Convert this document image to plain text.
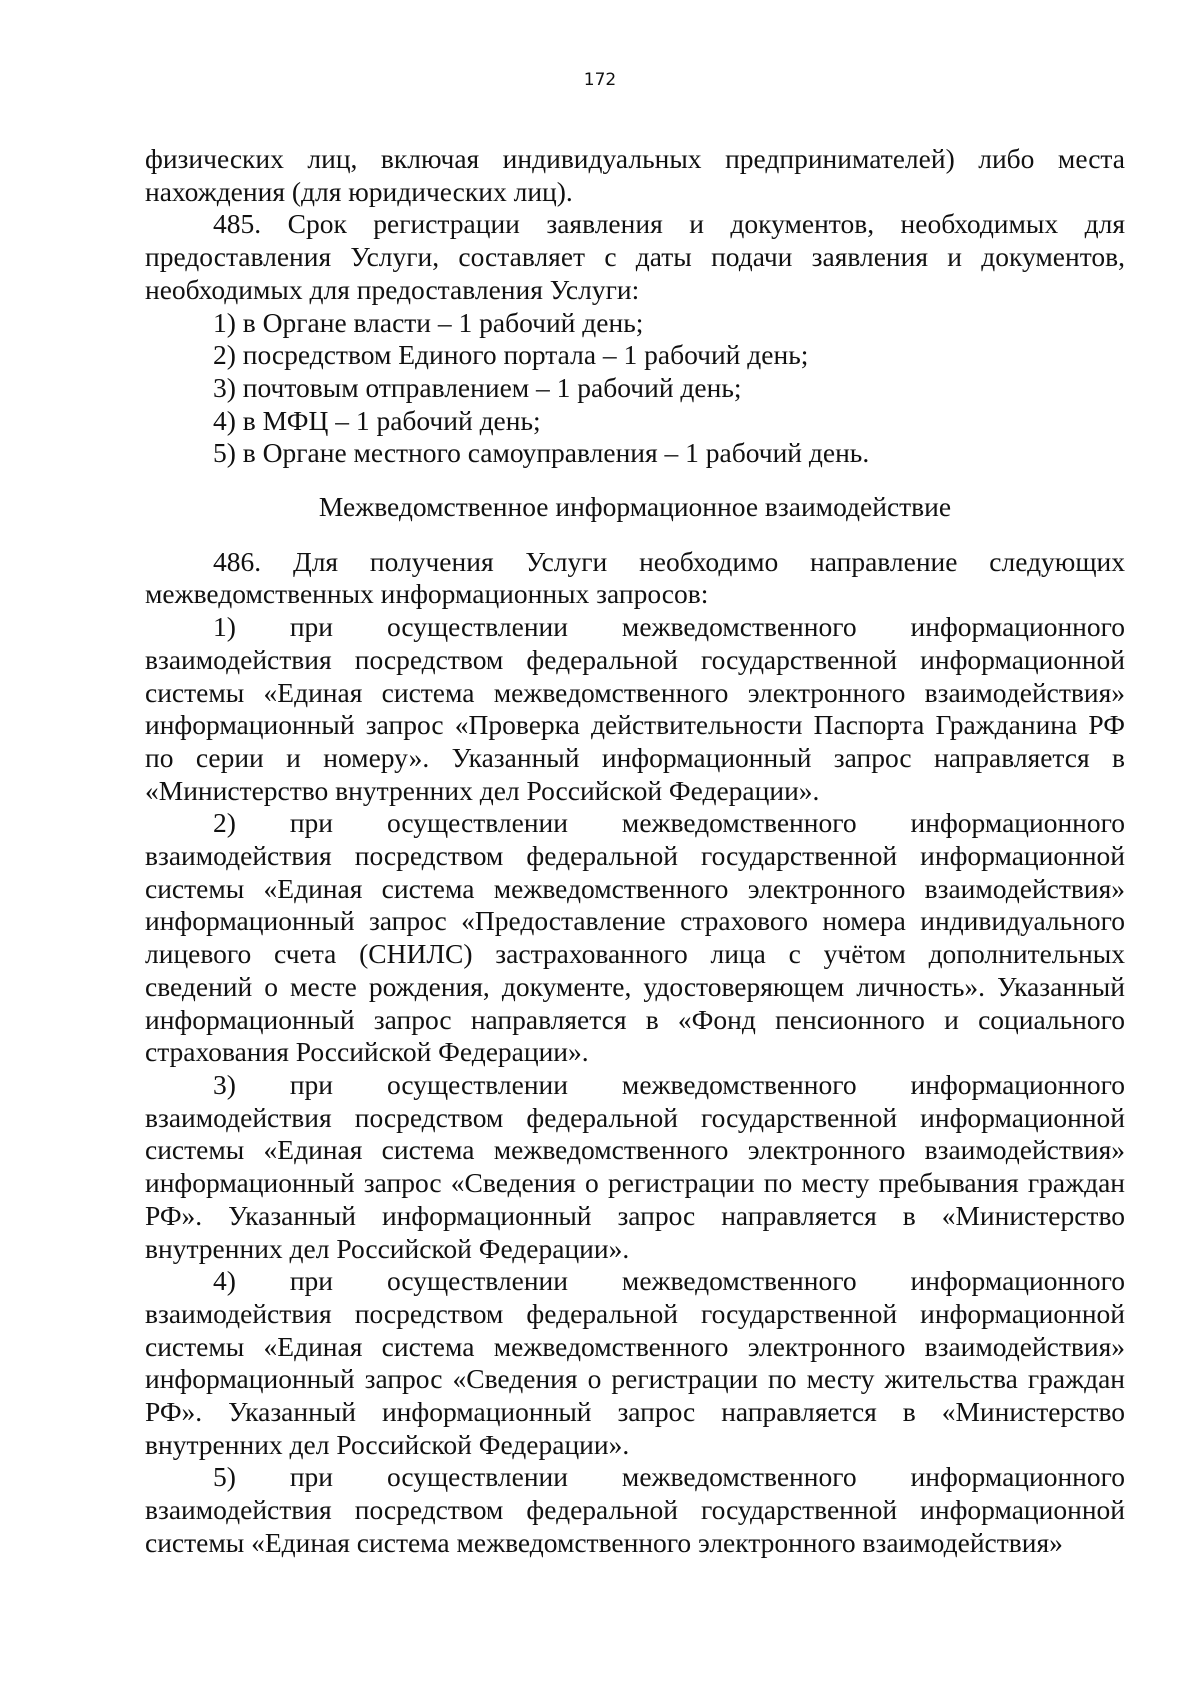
172

физических лиц, включая индивидуальных предпринимателей) либо места нахождения (для юридических лиц).

485. Срок регистрации заявления и документов, необходимых для предоставления Услуги, составляет с даты подачи заявления и документов, необходимых для предоставления Услуги:

1) в Органе власти – 1 рабочий день;

2) посредством Единого портала – 1 рабочий день;

3) почтовым отправлением – 1 рабочий день;

4) в МФЦ – 1 рабочий день;

5) в Органе местного самоуправления – 1 рабочий день.

Межведомственное информационное взаимодействие

486. Для получения Услуги необходимо направление следующих межведомственных информационных запросов:

1) при осуществлении межведомственного информационного взаимодействия посредством федеральной государственной информационной системы «Единая система межведомственного электронного взаимодействия» информационный запрос «Проверка действительности Паспорта Гражданина РФ по серии и номеру». Указанный информационный запрос направляется в «Министерство внутренних дел Российской Федерации».

2) при осуществлении межведомственного информационного взаимодействия посредством федеральной государственной информационной системы «Единая система межведомственного электронного взаимодействия» информационный запрос «Предоставление страхового номера индивидуального лицевого счета (СНИЛС) застрахованного лица с учётом дополнительных сведений о месте рождения, документе, удостоверяющем личность». Указанный информационный запрос направляется в «Фонд пенсионного и социального страхования Российской Федерации».

3) при осуществлении межведомственного информационного взаимодействия посредством федеральной государственной информационной системы «Единая система межведомственного электронного взаимодействия» информационный запрос «Сведения о регистрации по месту пребывания граждан РФ». Указанный информационный запрос направляется в «Министерство внутренних дел Российской Федерации».

4) при осуществлении межведомственного информационного взаимодействия посредством федеральной государственной информационной системы «Единая система межведомственного электронного взаимодействия» информационный запрос «Сведения о регистрации по месту жительства граждан РФ». Указанный информационный запрос направляется в «Министерство внутренних дел Российской Федерации».

5) при осуществлении межведомственного информационного взаимодействия посредством федеральной государственной информационной системы «Единая система межведомственного электронного взаимодействия»
